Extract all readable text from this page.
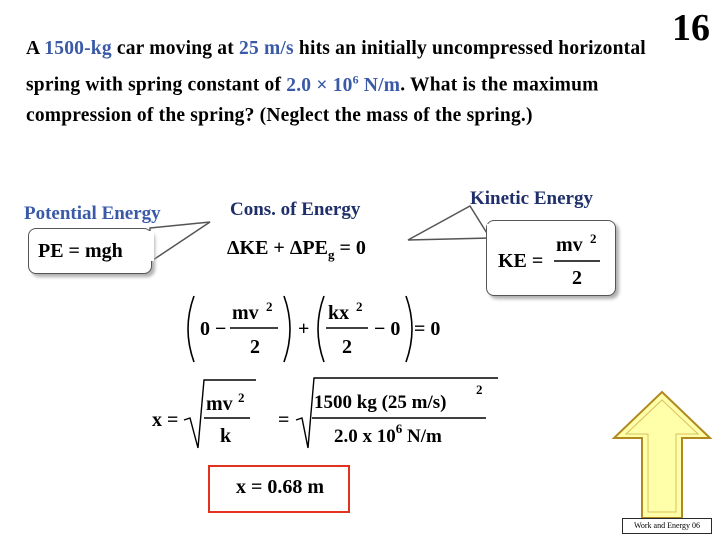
A 1500-kg car moving at 25 m/s hits an initially uncompressed horizontal spring with spring constant of $2.0 \times 10^6$ N/m. What is the maximum compression of the spring? (Neglect the mass of the spring.)
16
Potential Energy	Cons. of Energy
Kinetic Energy
PE = mgh	$\Delta KE + \Delta PE_g = 0$
KE =
mv 2
2
0 −
mv 2
2
+
kx 2
2
− 0 = 0
x =
mv 2
k
=
1500 kg (25 m/s)
2
2.0 x $10^6$ N/m
x = 0.68 m
Work and Energy 06
